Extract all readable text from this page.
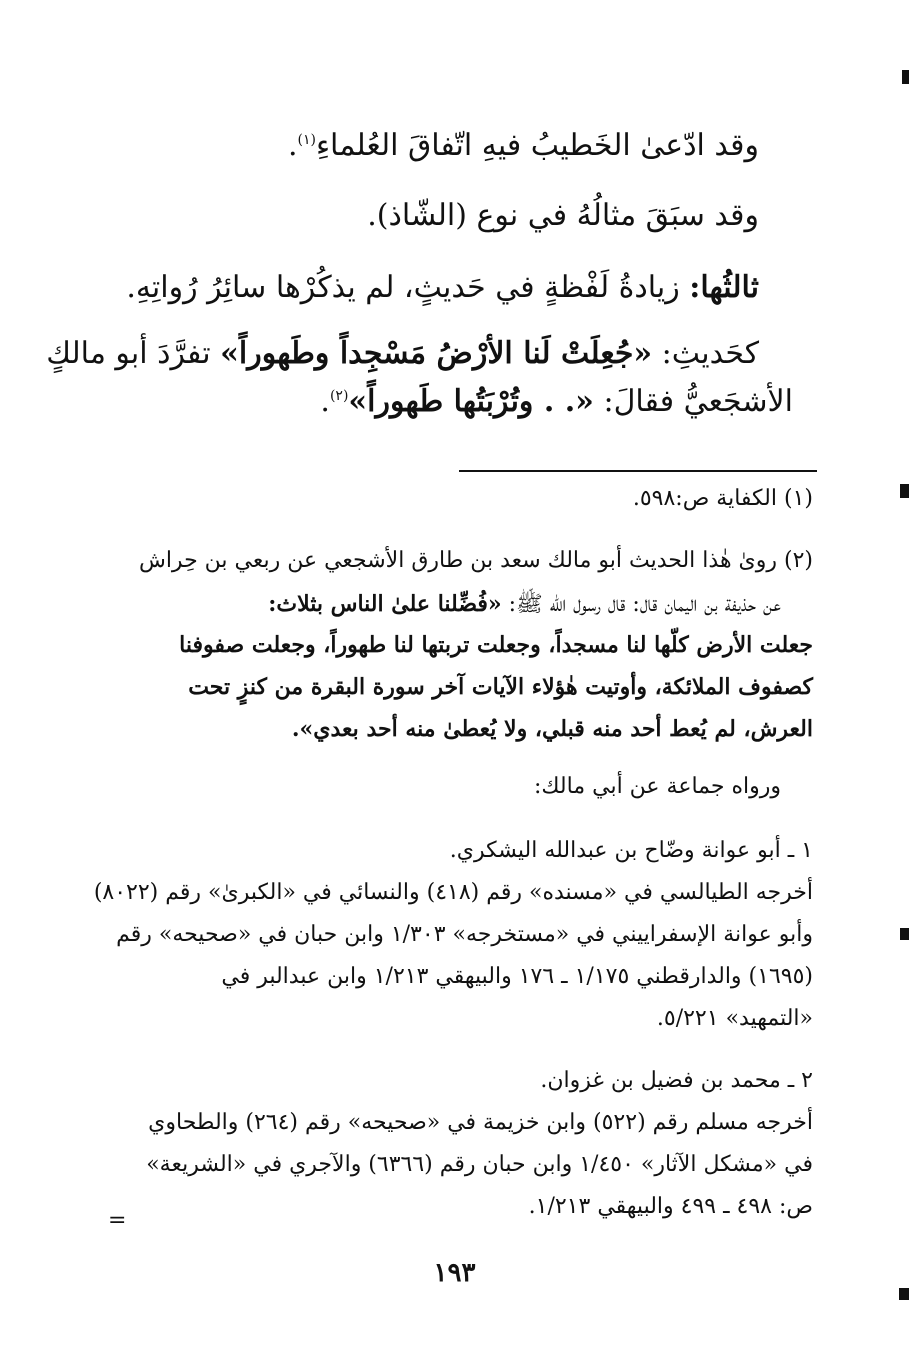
وقد ادّعىٰ الخَطيبُ فيهِ اتّفاقَ العُلماءِ$^{(١)}$.
وقد سبَقَ مثالُهُ في نوع (الشّاذ).
ثالثُها: زيادةُ لَفْظةٍ في حَديثٍ، لم يذكُرْها سائِرُ رُواتِهِ.
كحَديثِ: «جُعِلَتْ لَنا الأرْضُ مَسْجِداً وطَهوراً» تفرَّدَ أبو مالكٍ
الأشجَعيُّ فقالَ: «. . وتُرْبَتُها طَهوراً»$^{(٢)}$.
(١) الكفاية ص:٥٩٨.
(٢) روىٰ هٰذا الحديث أبو مالك سعد بن طارق الأشجعي عن ربعي بن حِراش
عن حذيفة بن اليمان قال: قال رسول الله ﷺ: «فُضِّلنا علىٰ الناس بثلاث:
جعلت الأرض كلّها لنا مسجداً، وجعلت تربتها لنا طهوراً، وجعلت صفوفنا
كصفوف الملائكة، وأوتيت هٰؤلاء الآيات آخر سورة البقرة من كنزٍ تحت
العرش، لم يُعط أحد منه قبلي، ولا يُعطىٰ منه أحد بعدي».
ورواه جماعة عن أبي مالك:
١ ـ أبو عوانة وضّاح بن عبدالله اليشكري.
أخرجه الطيالسي في «مسنده» رقم (٤١٨) والنسائي في «الكبرىٰ» رقم (٨٠٢٢)
وأبو عوانة الإسفراييني في «مستخرجه» ١/٣٠٣ وابن حبان في «صحيحه» رقم
(١٦٩٥) والدارقطني ١/١٧٥ ـ ١٧٦ والبيهقي ١/٢١٣ وابن عبدالبر في
«التمهيد» ٥/٢٢١.
٢ ـ محمد بن فضيل بن غزوان.
أخرجه مسلم رقم (٥٢٢) وابن خزيمة في «صحيحه» رقم (٢٦٤) والطحاوي
في «مشكل الآثار» ١/٤٥٠ وابن حبان رقم (٦٣٦٦) والآجري في «الشريعة»
ص: ٤٩٨ ـ ٤٩٩ والبيهقي ١/٢١٣.
=
١٩٣
